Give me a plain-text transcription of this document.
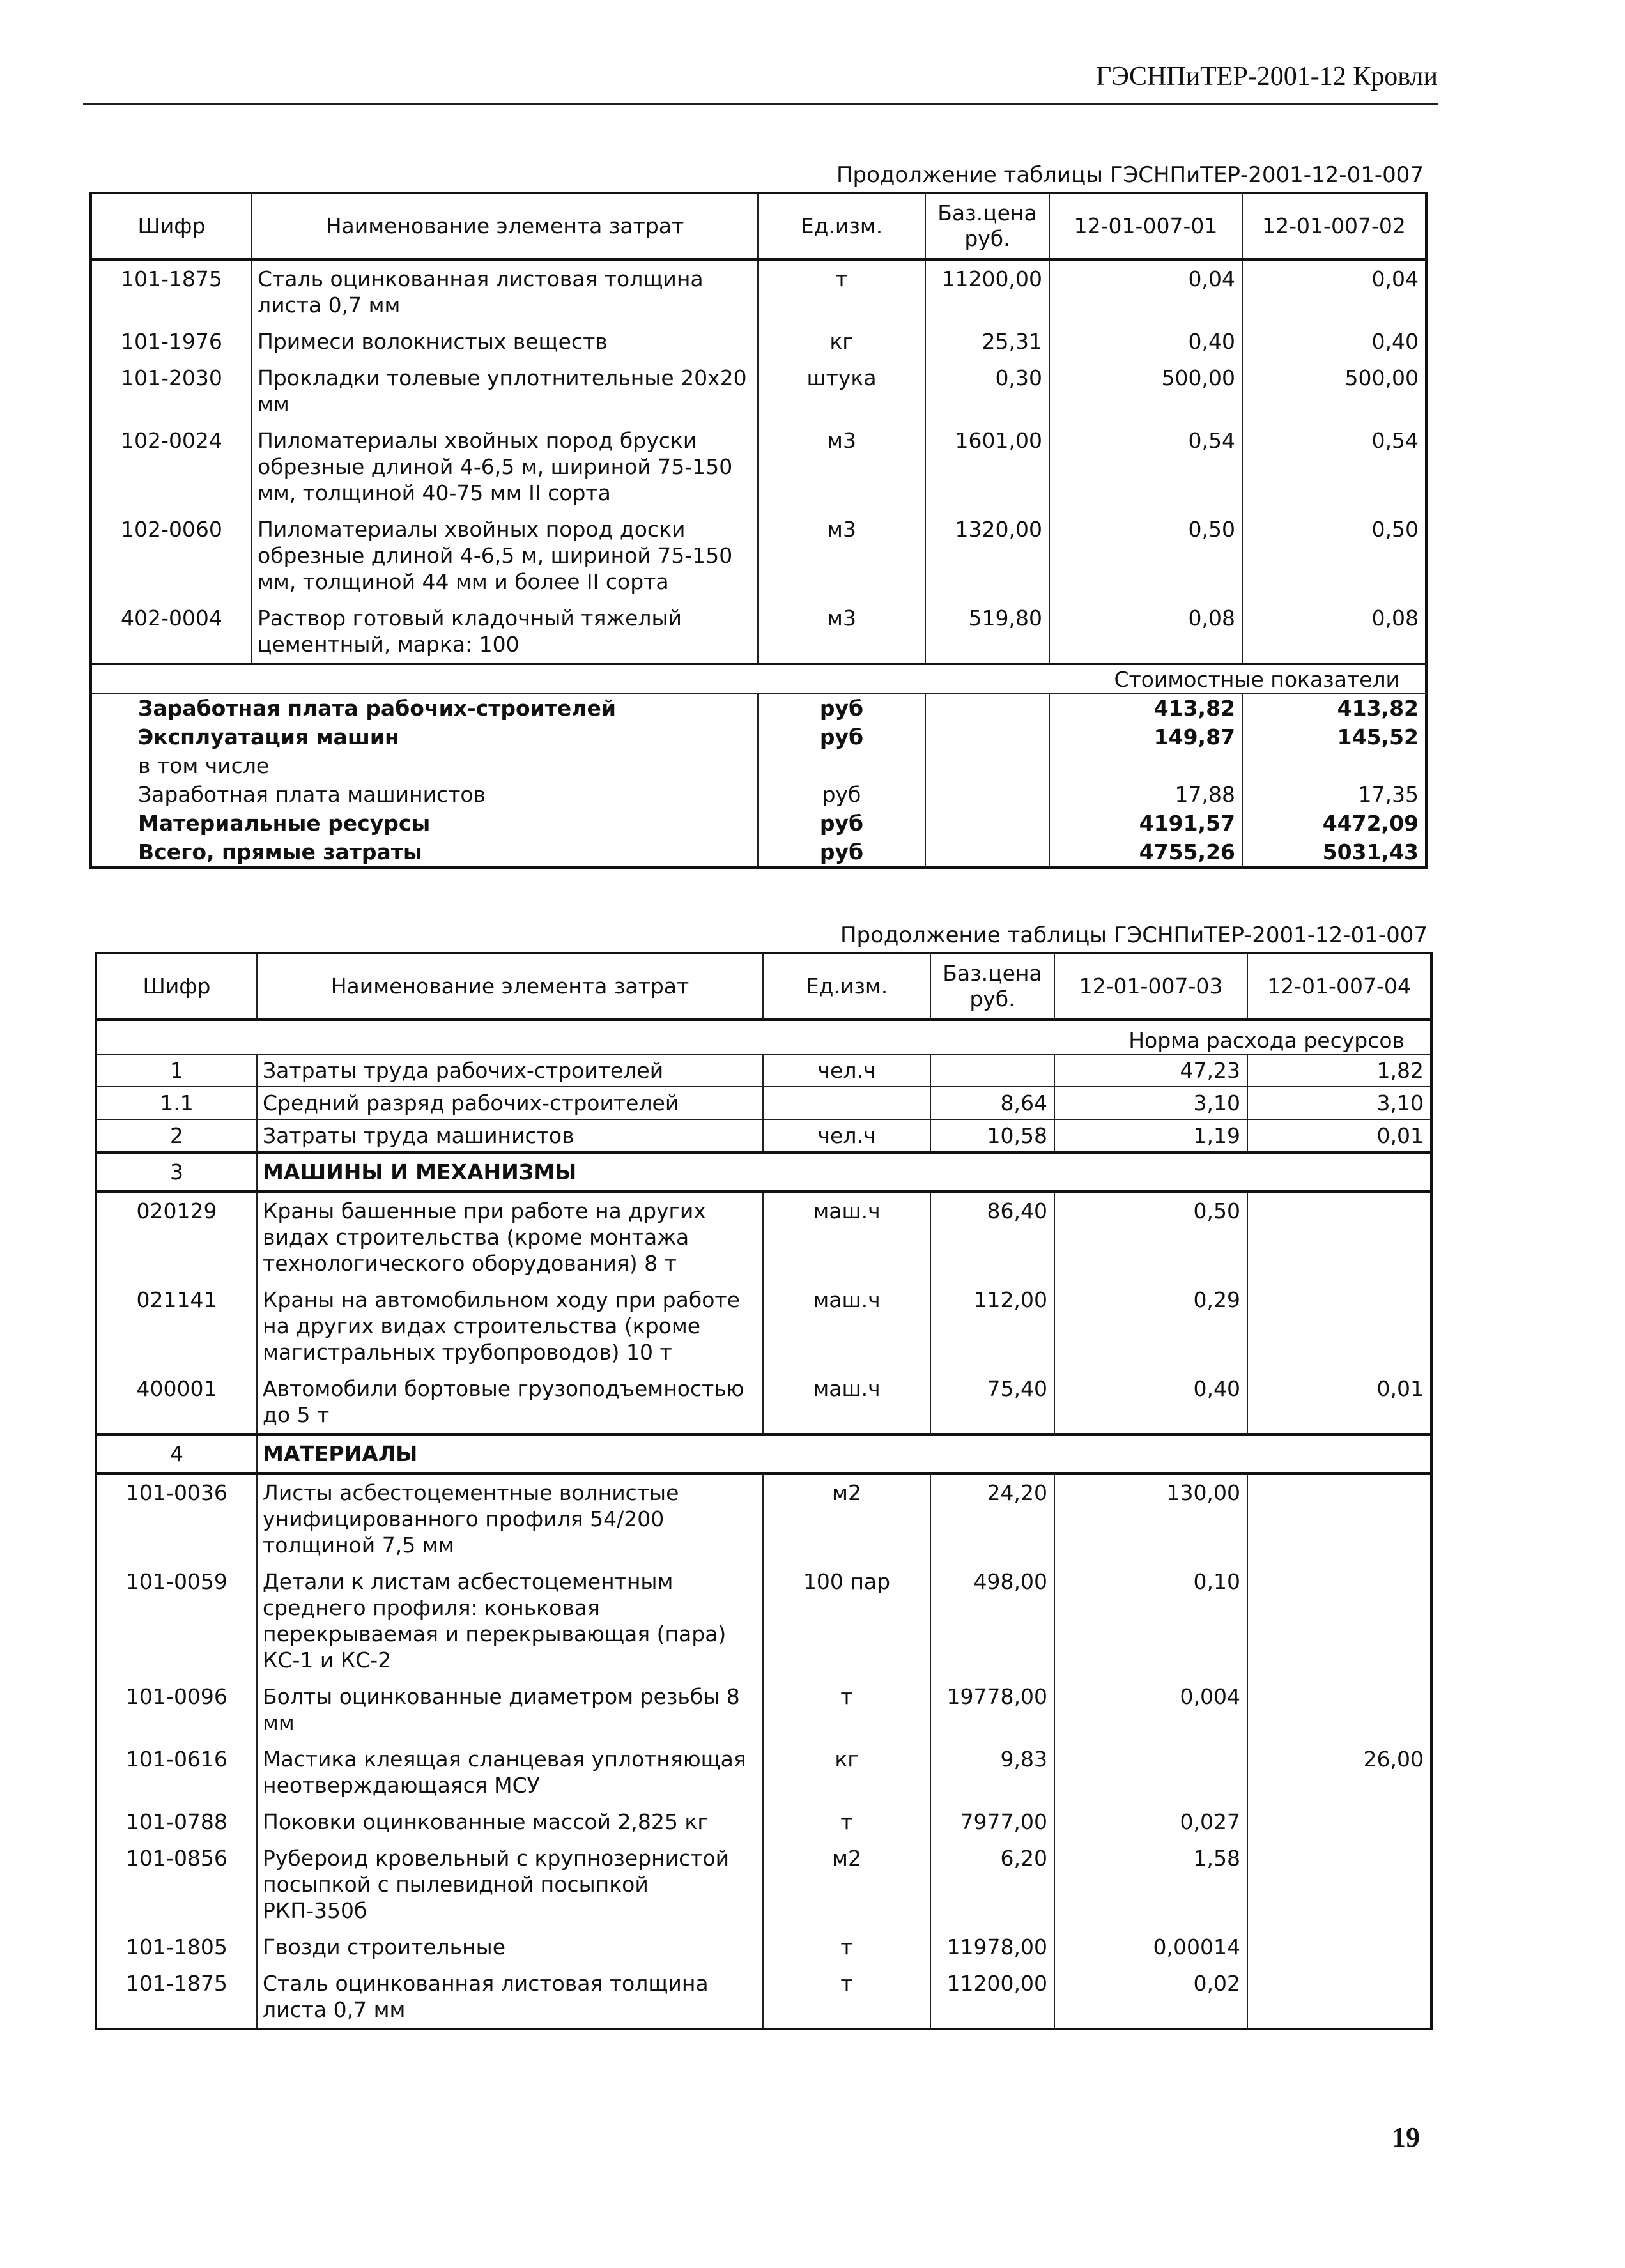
ГЭСНПиТЕР-2001-12 Кровли
Продолжение таблицы ГЭСНПиТЕР-2001-12-01-007
Шифр	Наименование элемента затрат	Ед.изм.	Баз.цена руб.	12-01-007-01	12-01-007-02
101-1875	Сталь оцинкованная листовая толщина листа 0,7 мм	т	11200,00	0,04	0,04
101-1976	Примеси волокнистых веществ	кг	25,31	0,40	0,40
101-2030	Прокладки толевые уплотнительные 20х20 мм	штука	0,30	500,00	500,00
102-0024	Пиломатериалы хвойных пород бруски обрезные длиной 4-6,5 м, шириной 75-150 мм, толщиной 40-75 мм II сорта	м3	1601,00	0,54	0,54
102-0060	Пиломатериалы хвойных пород доски обрезные длиной 4-6,5 м, шириной 75-150 мм, толщиной 44 мм и более II сорта	м3	1320,00	0,50	0,50
402-0004	Раствор готовый кладочный тяжелый цементный, марка: 100	м3	519,80	0,08	0,08
Стоимостные показатели					
Заработная плата рабочих-строителей		руб		413,82	413,82
Эксплуатация машин		руб		149,87	145,52
в том числе					
Заработная плата машинистов		руб		17,88	17,35
Материальные ресурсы		руб		4191,57	4472,09
Всего, прямые затраты		руб		4755,26	5031,43
Продолжение таблицы ГЭСНПиТЕР-2001-12-01-007
Шифр	Наименование элемента затрат	Ед.изм.	Баз.цена руб.	12-01-007-03	12-01-007-04
Норма расхода ресурсов					
1	Затраты труда рабочих-строителей	чел.ч		47,23	1,82
1.1	Средний разряд рабочих-строителей		8,64	3,10	3,10
2	Затраты труда машинистов	чел.ч	10,58	1,19	0,01
3	МАШИНЫ И МЕХАНИЗМЫ				
020129	Краны башенные при работе на других видах строительства (кроме монтажа технологического оборудования) 8 т	маш.ч	86,40	0,50	
021141	Краны на автомобильном ходу при работе на других видах строительства (кроме магистральных трубопроводов) 10 т	маш.ч	112,00	0,29	
400001	Автомобили бортовые грузоподъемностью до 5 т	маш.ч	75,40	0,40	0,01
4	МАТЕРИАЛЫ				
101-0036	Листы асбестоцементные волнистые унифицированного профиля 54/200 толщиной 7,5 мм	м2	24,20	130,00	
101-0059	Детали к листам асбестоцементным среднего профиля: коньковая перекрываемая и перекрывающая (пара) КС-1 и КС-2	100 пар	498,00	0,10	
101-0096	Болты оцинкованные диаметром резьбы 8 мм	т	19778,00	0,004	
101-0616	Мастика клеящая сланцевая уплотняющая неотверждающаяся МСУ	кг	9,83		26,00
101-0788	Поковки оцинкованные массой 2,825 кг	т	7977,00	0,027	
101-0856	Рубероид кровельный с крупнозернистой посыпкой с пылевидной посыпкой РКП-350б	м2	6,20	1,58	
101-1805	Гвозди строительные	т	11978,00	0,00014	
101-1875	Сталь оцинкованная листовая толщина листа 0,7 мм	т	11200,00	0,02	
19
